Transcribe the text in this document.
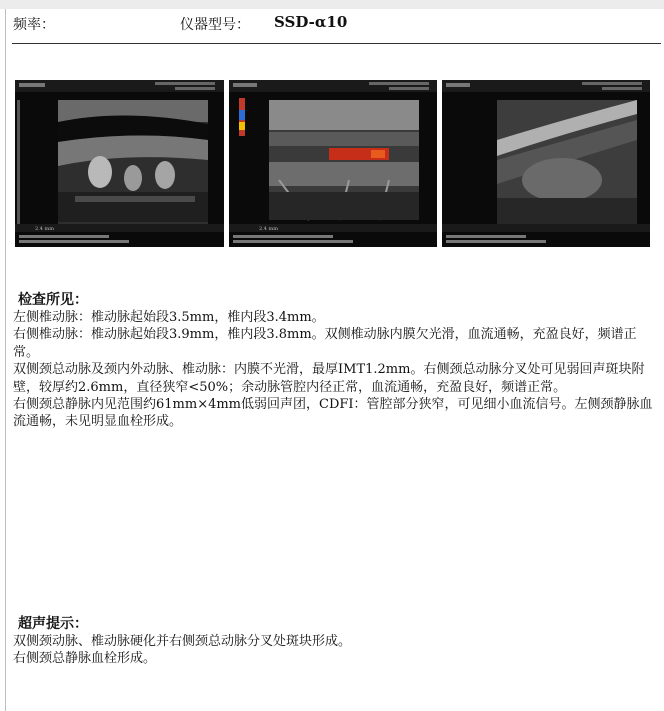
频率：	仪器型号： SSD-α10
2.4 mm	2.4 mm
检查所见：

左侧椎动脉：椎动脉起始段3.5mm，椎内段3.4mm。

右侧椎动脉：椎动脉起始段3.9mm，椎内段3.8mm。双侧椎动脉内膜欠光滑，血流通畅，充盈良好，频谱正常。

双侧颈总动脉及颈内外动脉、椎动脉：内膜不光滑，最厚IMT1.2mm。右侧颈总动脉分叉处可见弱回声斑块附壁，较厚约2.6mm，直径狭窄<50%；余动脉管腔内径正常，血流通畅，充盈良好，频谱正常。

右侧颈总静脉内见范围约61mm×4mm低弱回声团，CDFI：管腔部分狭窄，可见细小血流信号。左侧颈静脉血流通畅，未见明显血栓形成。

超声提示：

双侧颈动脉、椎动脉硬化并右侧颈总动脉分叉处斑块形成。

右侧颈总静脉血栓形成。
